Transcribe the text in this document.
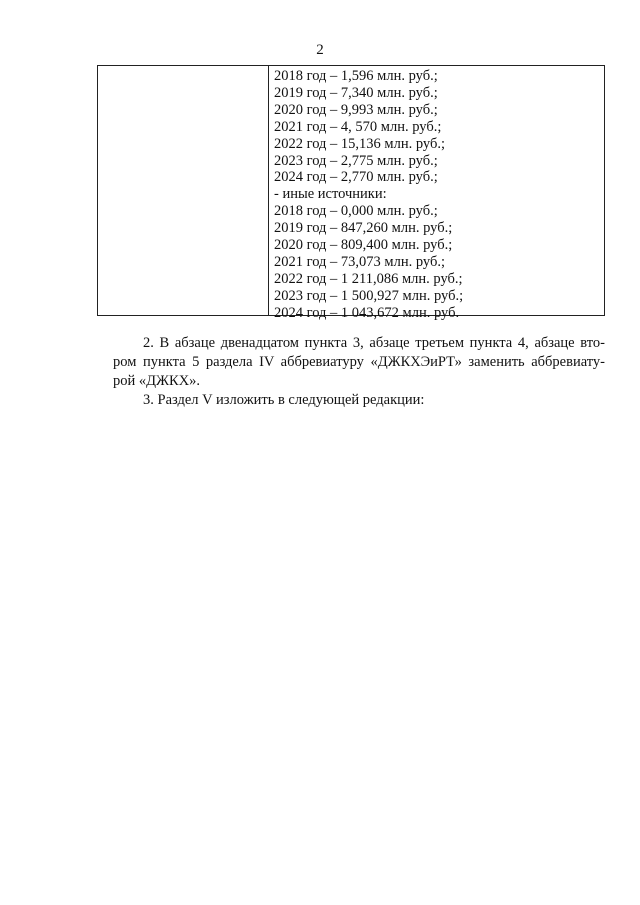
2
2018 год – 1,596 млн. руб.;
2019 год – 7,340 млн. руб.;
2020 год – 9,993 млн. руб.;
2021 год – 4, 570 млн. руб.;
2022 год – 15,136 млн. руб.;
2023 год – 2,775 млн. руб.;
2024 год – 2,770 млн. руб.;
- иные источники:
2018 год – 0,000 млн. руб.;
2019 год – 847,260 млн. руб.;
2020 год – 809,400 млн. руб.;
2021 год – 73,073 млн. руб.;
2022 год – 1 211,086 млн. руб.;
2023 год – 1 500,927 млн. руб.;
2024 год – 1 043,672 млн. руб.
2. В абзаце двенадцатом пункта 3, абзаце третьем пункта 4, абзаце вто-
ром пункта 5 раздела IV аббревиатуру «ДЖКХЭиРТ» заменить аббревиату-
рой «ДЖКХ».
3. Раздел V изложить в следующей редакции:
